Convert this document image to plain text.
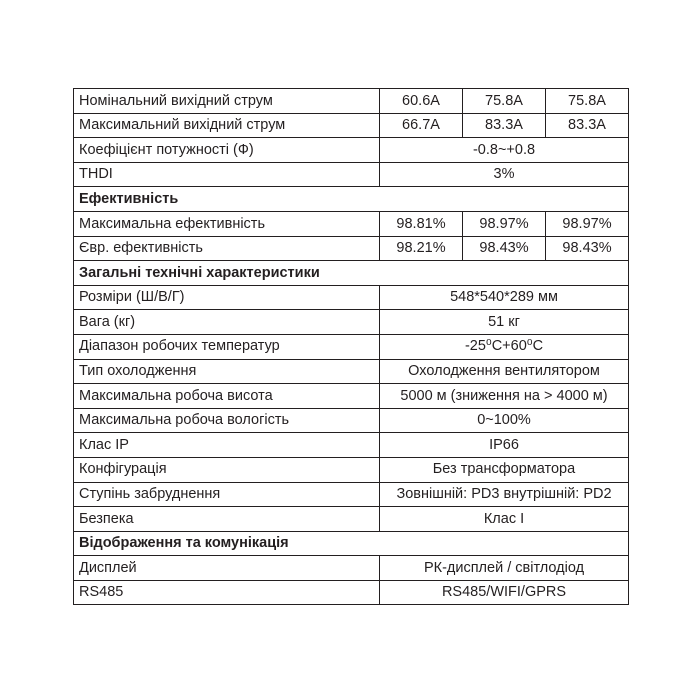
Номінальний вихідний струм	60.6A	75.8A	75.8A
Максимальний вихідний струм	66.7A	83.3A	83.3A
Коефіцієнт потужності (Ф)	-0.8~+0.8		
THDI	3%		
Ефективність			
Максимальна ефективність	98.81%	98.97%	98.97%
Євр. ефективність	98.21%	98.43%	98.43%
Загальні технічні характеристики			
Розміри (Ш/В/Г)	548*540*289 мм		
Вага (кг)	51 кг		
Діапазон робочих температур	-25⁰C+60⁰C		
Тип охолодження	Охолодження вентилятором		
Максимальна робоча висота	5000 м (зниження на > 4000 м)		
Максимальна робоча вологість	0~100%		
Клас IP	IP66		
Конфігурація	Без трансформатора		
Ступінь забруднення	Зовнішній: PD3 внутрішній: PD2		
Безпека	Клас I		
Відображення та комунікація			
Дисплей	РК-дисплей / світлодіод		
RS485	RS485/WIFI/GPRS		
